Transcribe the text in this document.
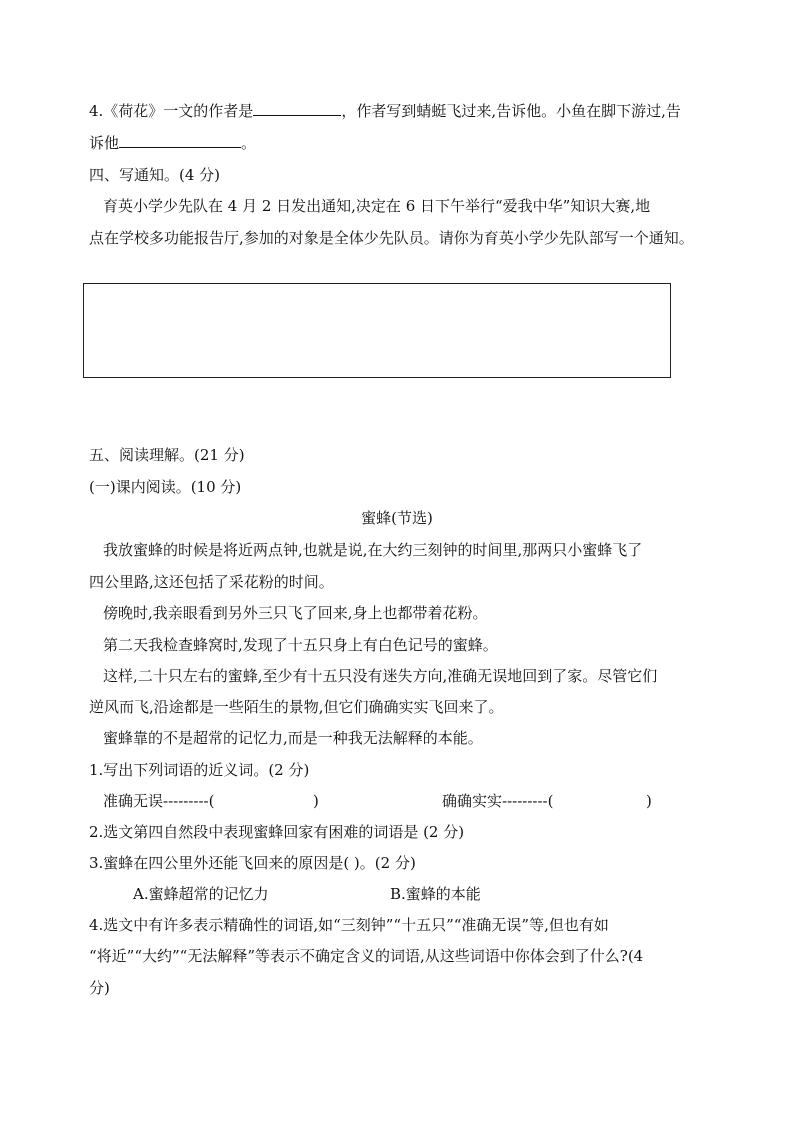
4.《荷花》一文的作者是	，作者写到蜻蜓飞过来,告诉他。小鱼在脚下游过,告
诉他	。
四、写通知。(4 分)
育英小学少先队在 4 月 2 日发出通知,决定在 6 日下午举行“爱我中华”知识大赛,地
点在学校多功能报告厅,参加的对象是全体少先队员。请你为育英小学少先队部写一个通知。
五、阅读理解。(21 分)
(一)课内阅读。(10 分)
蜜蜂(节选)
我放蜜蜂的时候是将近两点钟,也就是说,在大约三刻钟的时间里,那两只小蜜蜂飞了
四公里路,这还包括了采花粉的时间。
傍晚时,我亲眼看到另外三只飞了回来,身上也都带着花粉。
第二天我检查蜂窝时,发现了十五只身上有白色记号的蜜蜂。
这样,二十只左右的蜜蜂,至少有十五只没有迷失方向,准确无误地回到了家。尽管它们
逆风而飞,沿途都是一些陌生的景物,但它们确确实实飞回来了。
蜜蜂靠的不是超常的记忆力,而是一种我无法解释的本能。
1.写出下列词语的近义词。(2 分)
准确无误---------(	)	确确实实---------(	)
2.选文第四自然段中表现蜜蜂回家有困难的词语是 (2 分)
3.蜜蜂在四公里外还能飞回来的原因是( )。(2 分)
A.蜜蜂超常的记忆力	B.蜜蜂的本能
4.选文中有许多表示精确性的词语,如“三刻钟”“十五只”“准确无误”等,但也有如
“将近”“大约”“无法解释”等表示不确定含义的词语,从这些词语中你体会到了什么?(4
分)
